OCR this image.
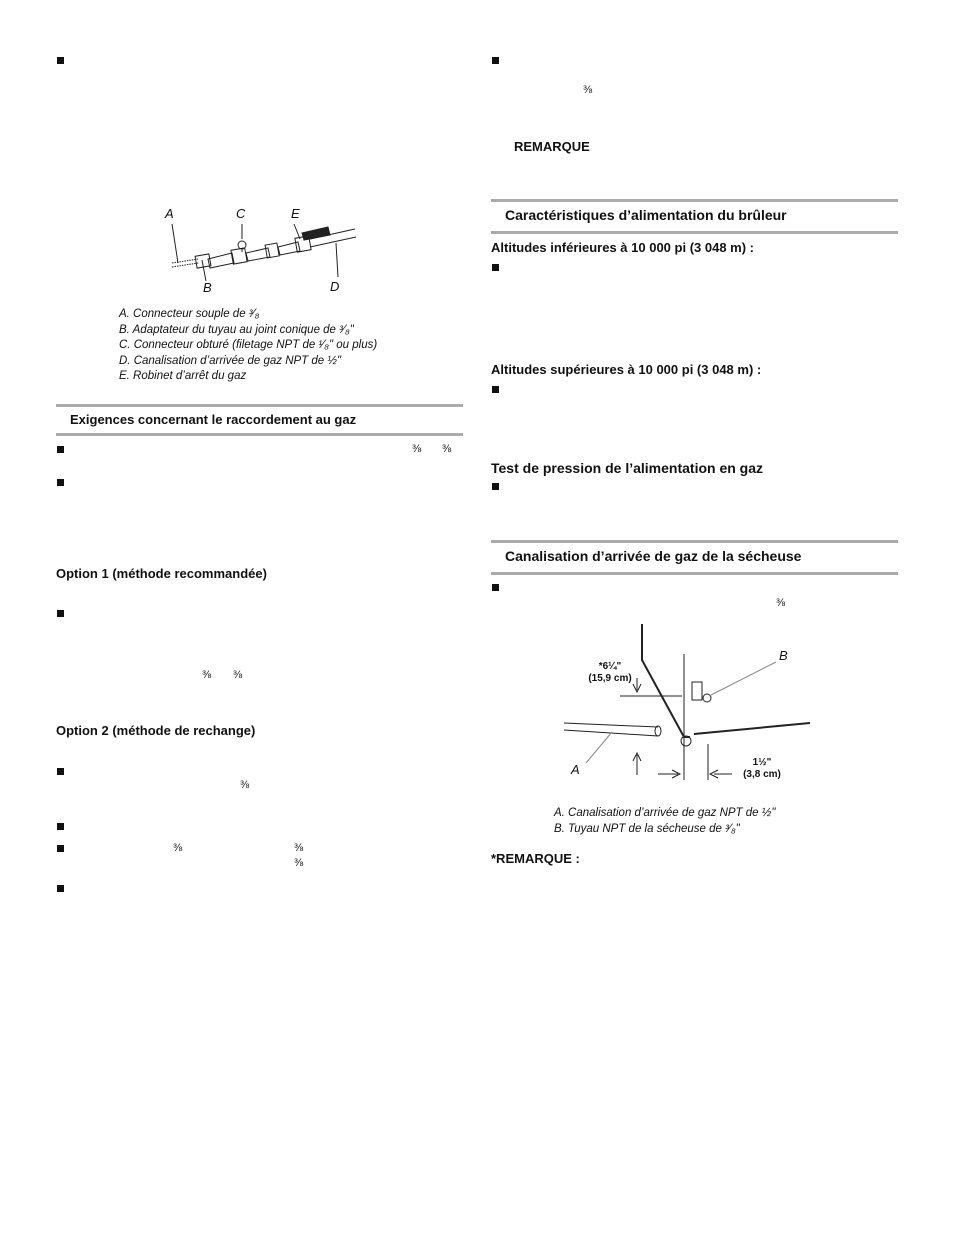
A	C	E
B	D
A. Connecteur souple de ³⁄₈
B. Adaptateur du tuyau au joint conique de ³⁄₈"
C. Connecteur obturé (filetage NPT de ¹⁄₈" ou plus)
D. Canalisation d’arrivée de gaz NPT de ½"
E. Robinet d’arrêt du gaz
Exigences concernant le raccordement au gaz
⅜ ⅜
Option 1 (méthode recommandée)
⅜ ⅜
Option 2 (méthode de rechange)
⅜
⅜	⅜
⅜
⅜
REMARQUE
Caractéristiques d’alimentation du brûleur
Altitudes inférieures à 10 000 pi (3 048 m) :
Altitudes supérieures à 10 000 pi (3 048 m) :
Test de pression de l’alimentation en gaz
Canalisation d’arrivée de gaz de la sécheuse
⅜
*6¼"
(15,9 cm)
1½"
(3,8 cm)
A
B
A. Canalisation d’arrivée de gaz NPT de ½"
B. Tuyau NPT de la sécheuse de ³⁄₈"
*REMARQUE :
